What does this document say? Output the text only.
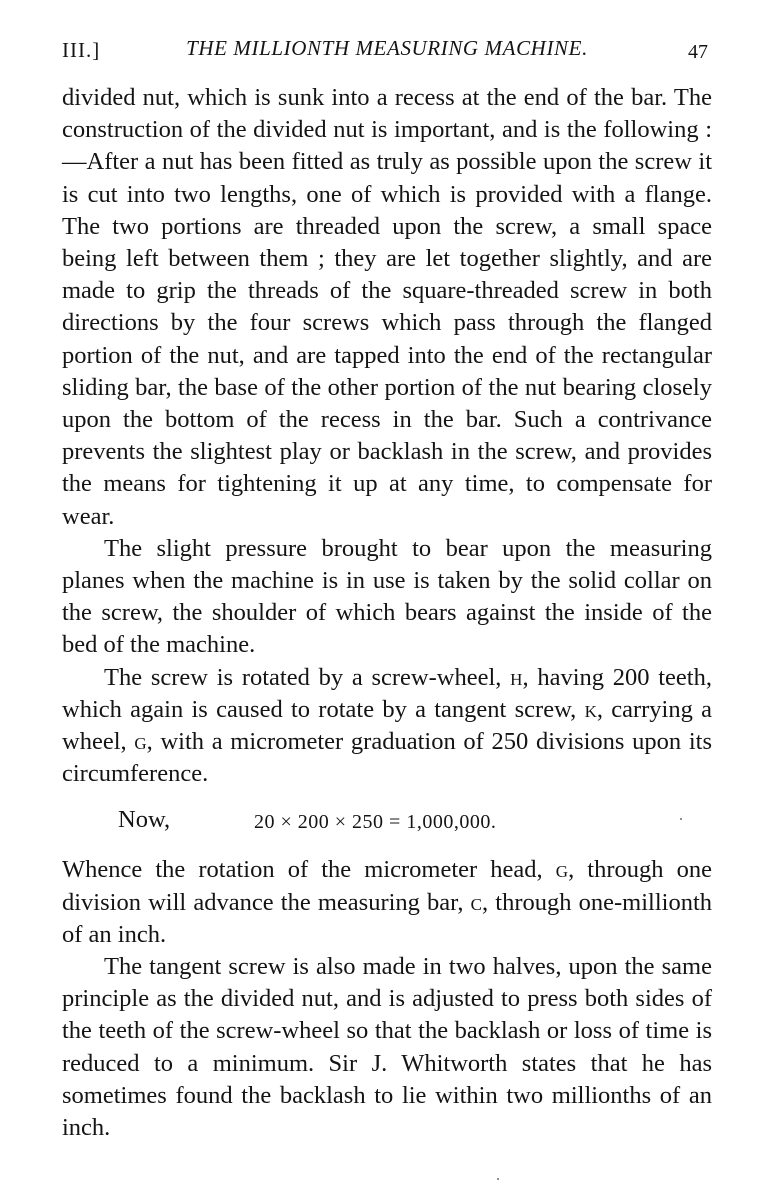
III.]	THE MILLIONTH MEASURING MACHINE.	47

divided nut, which is sunk into a recess at the end of the bar. The construction of the divided nut is important, and is the following :—After a nut has been fitted as truly as possible upon the screw it is cut into two lengths, one of which is provided with a flange. The two portions are threaded upon the screw, a small space being left between them ; they are let together slightly, and are made to grip the threads of the square-threaded screw in both directions by the four screws which pass through the flanged portion of the nut, and are tapped into the end of the rectangular sliding bar, the base of the other portion of the nut bearing closely upon the bottom of the recess in the bar. Such a contrivance prevents the slightest play or backlash in the screw, and provides the means for tightening it up at any time, to compensate for wear.

The slight pressure brought to bear upon the measuring planes when the machine is in use is taken by the solid collar on the screw, the shoulder of which bears against the inside of the bed of the machine.

The screw is rotated by a screw-wheel, h, having 200 teeth, which again is caused to rotate by a tangent screw, k, carrying a wheel, g, with a micrometer graduation of 250 divisions upon its circumference.

Now,	20 × 200 × 250 = 1,000,000.

Whence the rotation of the micrometer head, g, through one division will advance the measuring bar, c, through one-millionth of an inch.

The tangent screw is also made in two halves, upon the same principle as the divided nut, and is adjusted to press both sides of the teeth of the screw-wheel so that the backlash or loss of time is reduced to a minimum. Sir J. Whitworth states that he has sometimes found the backlash to lie within two millionths of an inch.
